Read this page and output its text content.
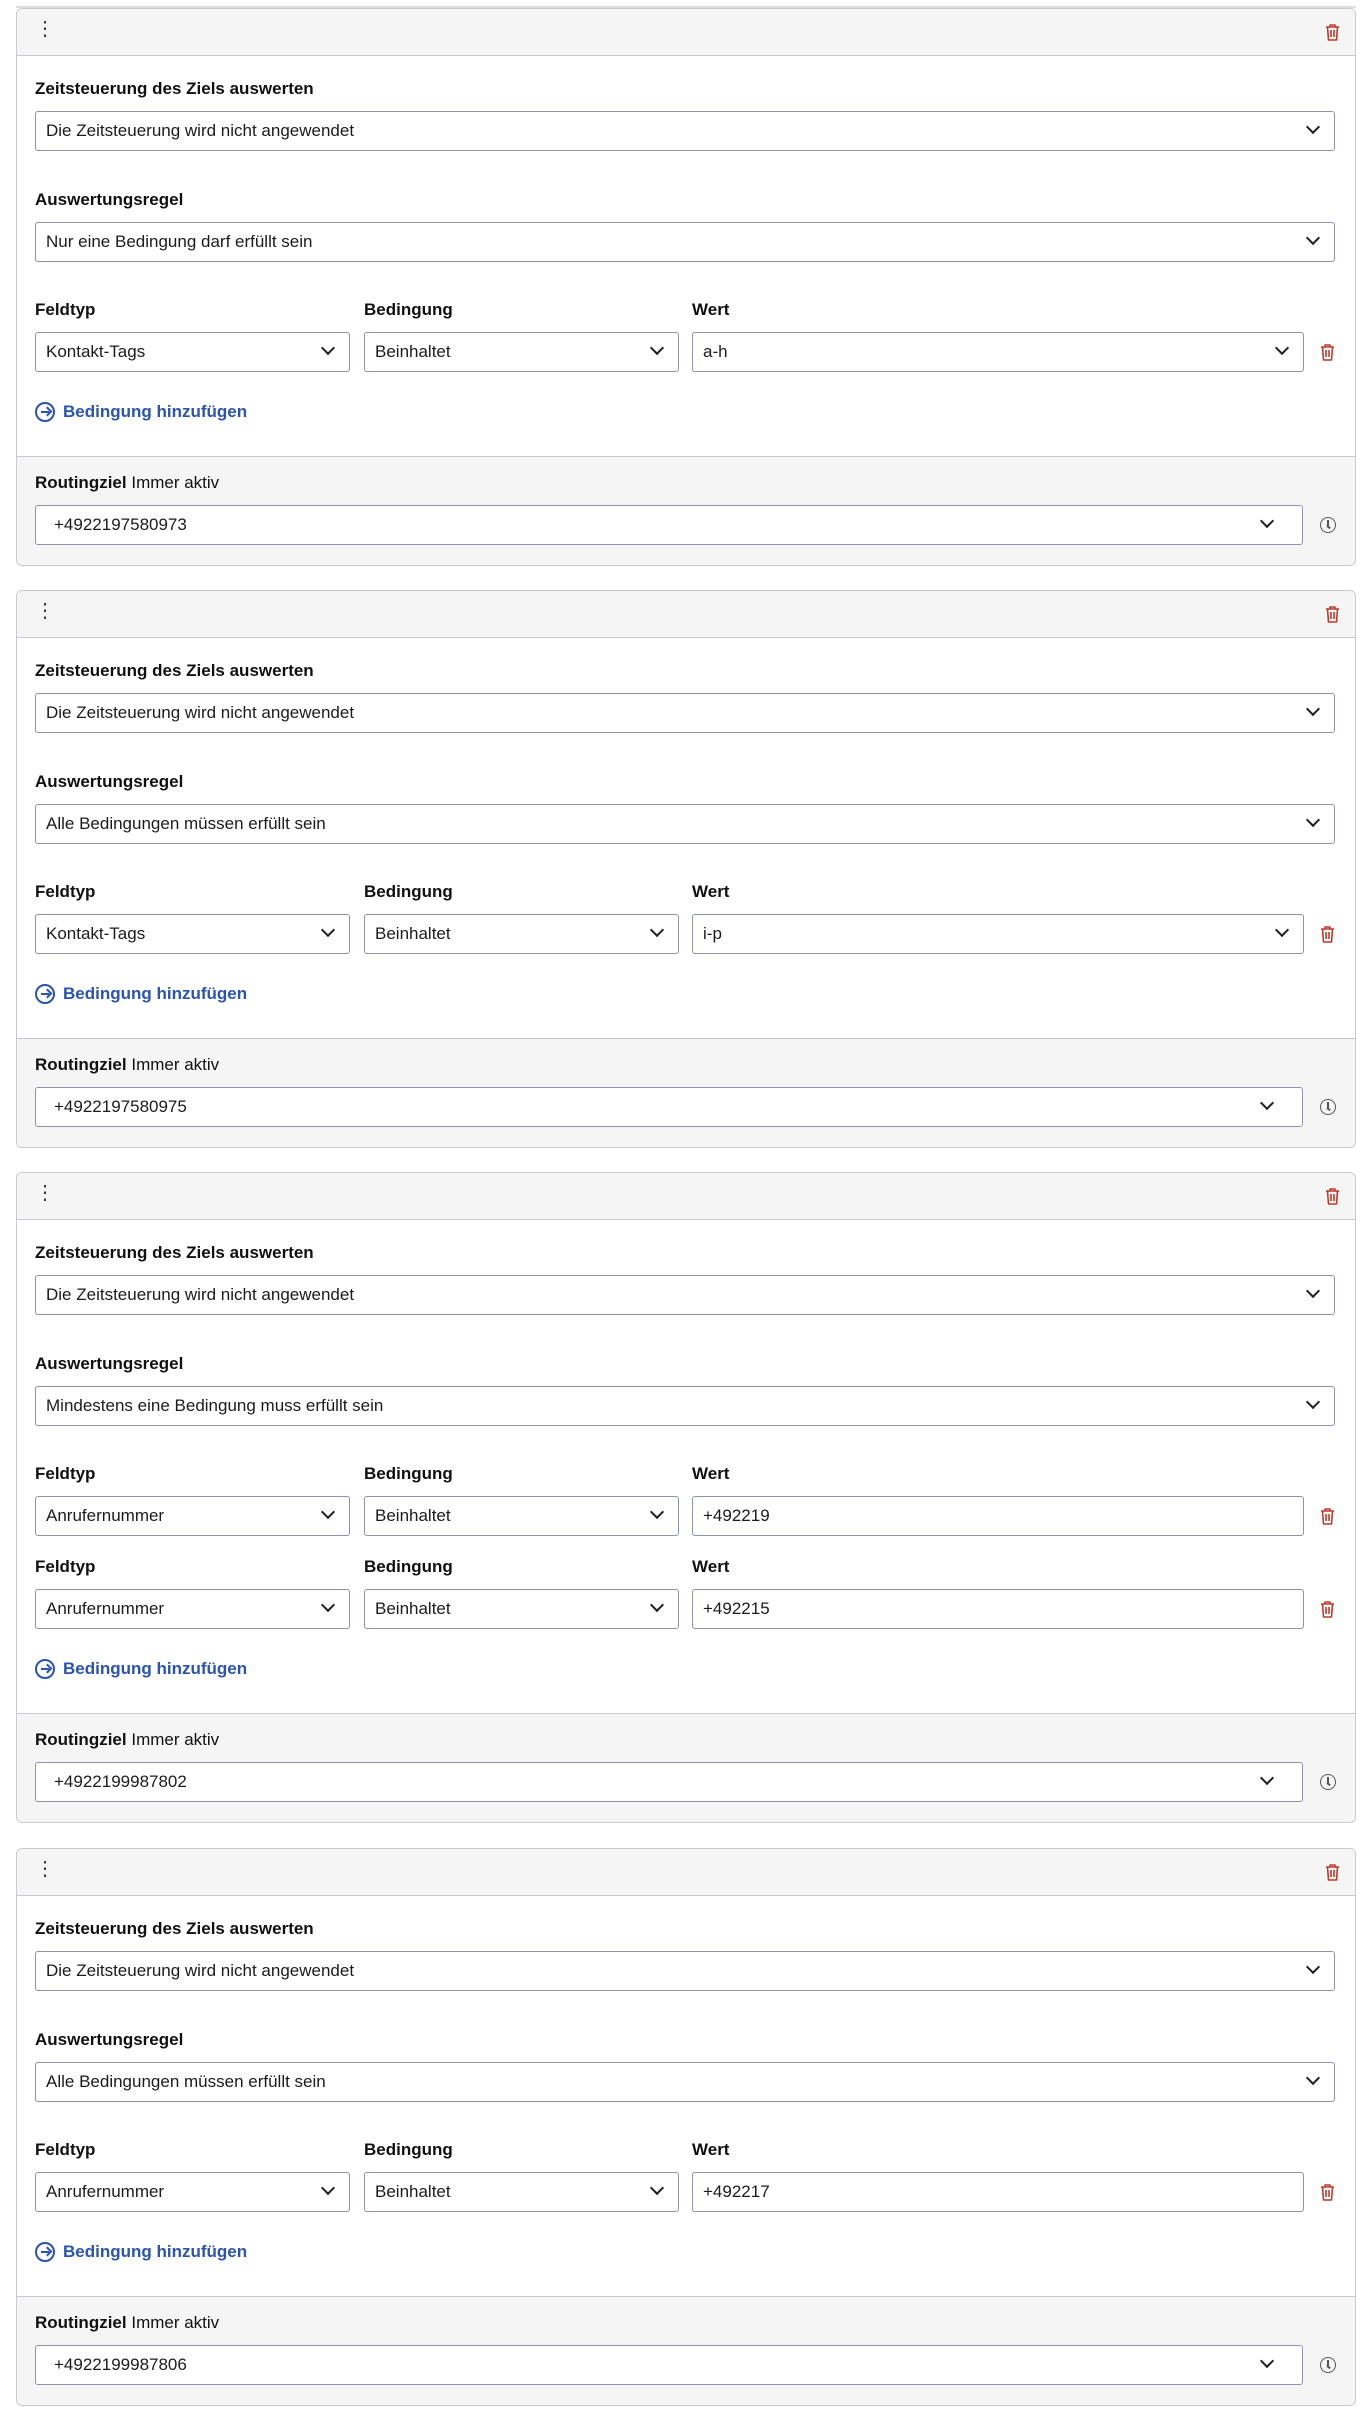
⋮
Zeitsteuerung des Ziels auswerten
Die Zeitsteuerung wird nicht angewendet
Auswertungsregel
Nur eine Bedingung darf erfüllt sein
Feldtyp	Bedingung	Wert
Kontakt-Tags	Beinhaltet	a-h
Bedingung hinzufügen
Routingziel Immer aktiv
+4922197580973
⋮
Zeitsteuerung des Ziels auswerten
Die Zeitsteuerung wird nicht angewendet
Auswertungsregel
Alle Bedingungen müssen erfüllt sein
Feldtyp	Bedingung	Wert
Kontakt-Tags	Beinhaltet	i-p
Bedingung hinzufügen
Routingziel Immer aktiv
+4922197580975
⋮
Zeitsteuerung des Ziels auswerten
Die Zeitsteuerung wird nicht angewendet
Auswertungsregel
Mindestens eine Bedingung muss erfüllt sein
Feldtyp	Bedingung	Wert
Anrufernummer	Beinhaltet	+492219
Feldtyp	Bedingung	Wert
Anrufernummer	Beinhaltet	+492215
Bedingung hinzufügen
Routingziel Immer aktiv
+4922199987802
⋮
Zeitsteuerung des Ziels auswerten
Die Zeitsteuerung wird nicht angewendet
Auswertungsregel
Alle Bedingungen müssen erfüllt sein
Feldtyp	Bedingung	Wert
Anrufernummer	Beinhaltet	+492217
Bedingung hinzufügen
Routingziel Immer aktiv
+4922199987806
